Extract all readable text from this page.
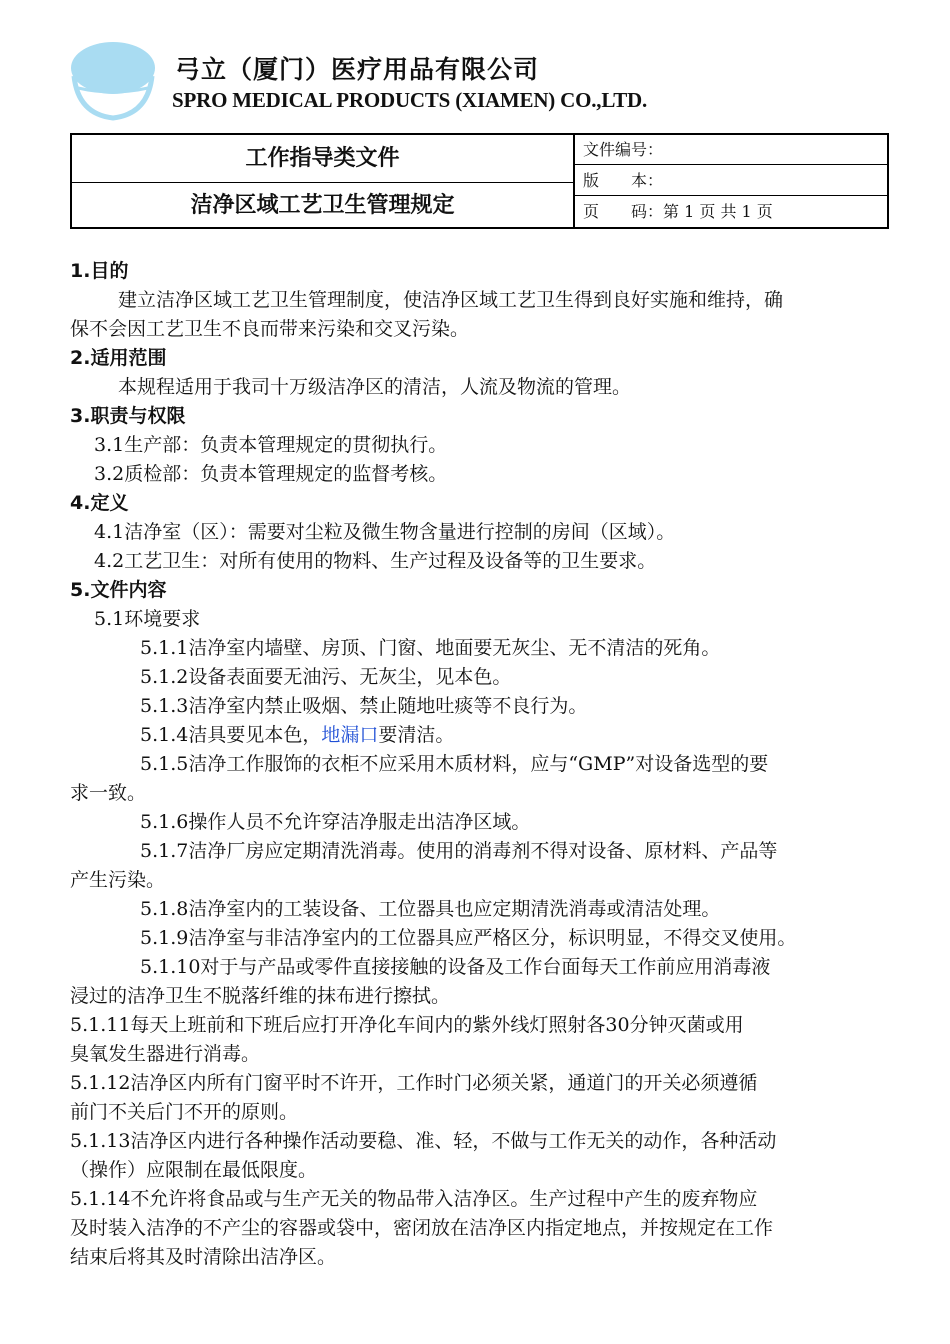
弓立（厦门）医疗用品有限公司
SPRO MEDICAL PRODUCTS (XIAMEN) CO.,LTD.
工作指导类文件
洁净区域工艺卫生管理规定
文件编号：
版　　本：
页　　码：第 1 页 共 1 页
1.目的
建立洁净区域工艺卫生管理制度，使洁净区域工艺卫生得到良好实施和维持，确
保不会因工艺卫生不良而带来污染和交叉污染。
2.适用范围
本规程适用于我司十万级洁净区的清洁，人流及物流的管理。
3.职责与权限
3.1生产部：负责本管理规定的贯彻执行。
3.2质检部：负责本管理规定的监督考核。
4.定义
4.1洁净室（区）：需要对尘粒及微生物含量进行控制的房间（区域）。
4.2工艺卫生：对所有使用的物料、生产过程及设备等的卫生要求。
5.文件内容
5.1环境要求
5.1.1洁净室内墙壁、房顶、门窗、地面要无灰尘、无不清洁的死角。
5.1.2设备表面要无油污、无灰尘，见本色。
5.1.3洁净室内禁止吸烟、禁止随地吐痰等不良行为。
5.1.4洁具要见本色，地漏口要清洁。
5.1.5洁净工作服饰的衣柜不应采用木质材料，应与“GMP”对设备选型的要
求一致。
5.1.6操作人员不允许穿洁净服走出洁净区域。
5.1.7洁净厂房应定期清洗消毒。使用的消毒剂不得对设备、原材料、产品等
产生污染。
5.1.8洁净室内的工装设备、工位器具也应定期清洗消毒或清洁处理。
5.1.9洁净室与非洁净室内的工位器具应严格区分，标识明显，不得交叉使用。
5.1.10对于与产品或零件直接接触的设备及工作台面每天工作前应用消毒液
浸过的洁净卫生不脱落纤维的抹布进行擦拭。
5.1.11每天上班前和下班后应打开净化车间内的紫外线灯照射各30分钟灭菌或用
臭氧发生器进行消毒。
5.1.12洁净区内所有门窗平时不许开，工作时门必须关紧，通道门的开关必须遵循
前门不关后门不开的原则。
5.1.13洁净区内进行各种操作活动要稳、准、轻，不做与工作无关的动作，各种活动
（操作）应限制在最低限度。
5.1.14不允许将食品或与生产无关的物品带入洁净区。生产过程中产生的废弃物应
及时装入洁净的不产尘的容器或袋中，密闭放在洁净区内指定地点，并按规定在工作
结束后将其及时清除出洁净区。
